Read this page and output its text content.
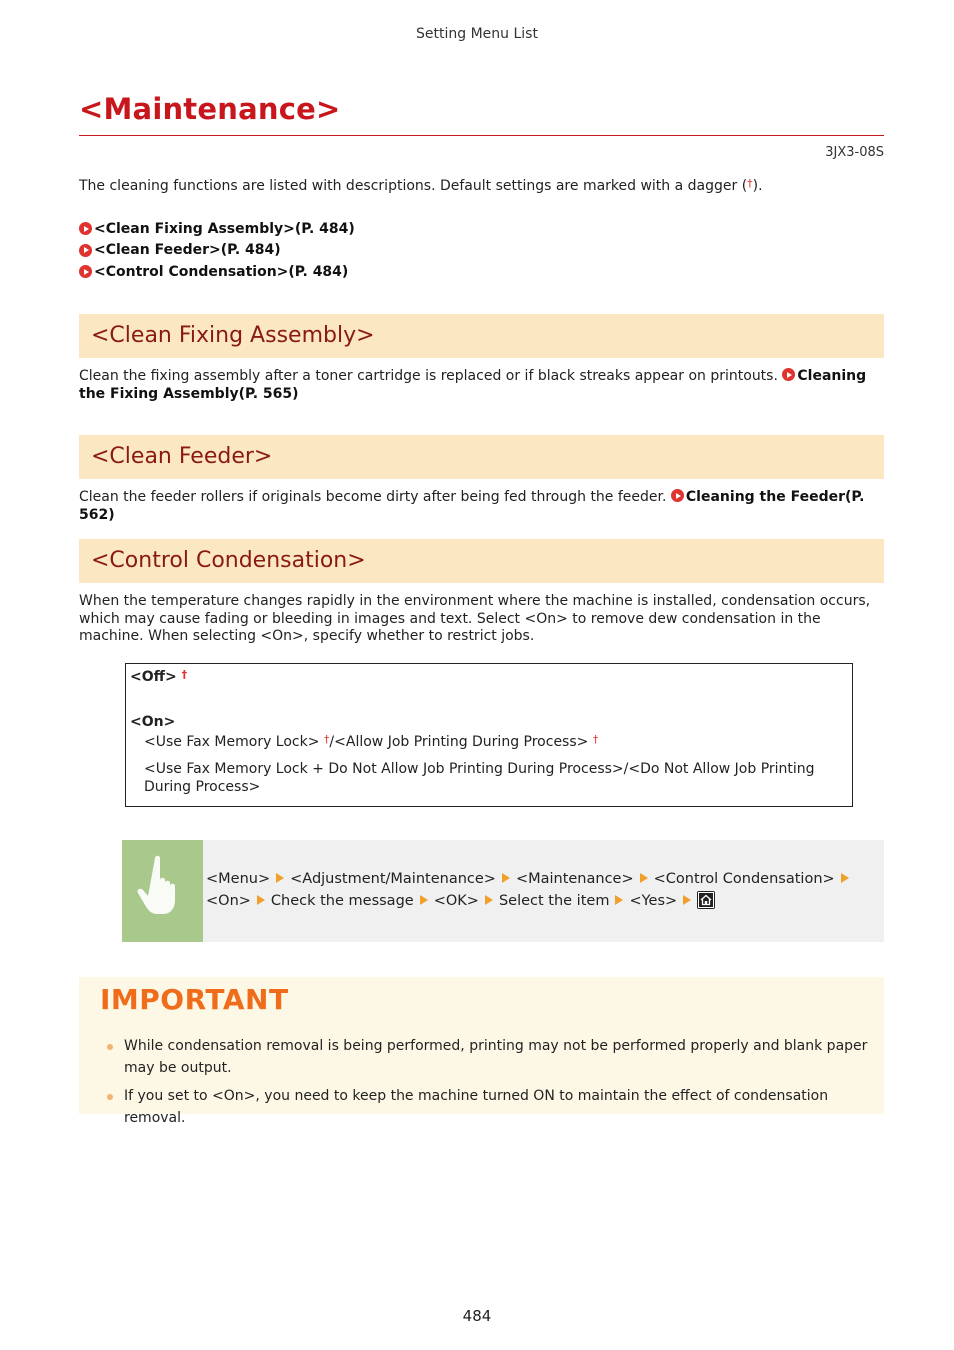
Setting Menu List
<Maintenance>
3JX3-08S
The cleaning functions are listed with descriptions. Default settings are marked with a dagger (†).
<Clean Fixing Assembly>(P. 484)
<Clean Feeder>(P. 484)
<Control Condensation>(P. 484)
<Clean Fixing Assembly>
Clean the fixing assembly after a toner cartridge is replaced or if black streaks appear on printouts. Cleaning the Fixing Assembly(P. 565)
<Clean Feeder>
Clean the feeder rollers if originals become dirty after being fed through the feeder. Cleaning the Feeder(P. 562)
<Control Condensation>
When the temperature changes rapidly in the environment where the machine is installed, condensation occurs, which may cause fading or bleeding in images and text. Select <On> to remove dew condensation in the machine. When selecting <On>, specify whether to restrict jobs.
<Off> †
<On>
<Use Fax Memory Lock> †/<Allow Job Printing During Process> †
<Use Fax Memory Lock + Do Not Allow Job Printing During Process>/<Do Not Allow Job Printing During Process>
<Menu> <Adjustment/Maintenance> <Maintenance> <Control Condensation><On> Check the message <OK> Select the item <Yes>
IMPORTANT
While condensation removal is being performed, printing may not be performed properly and blank paper may be output.
If you set to <On>, you need to keep the machine turned ON to maintain the effect of condensation removal.
484
